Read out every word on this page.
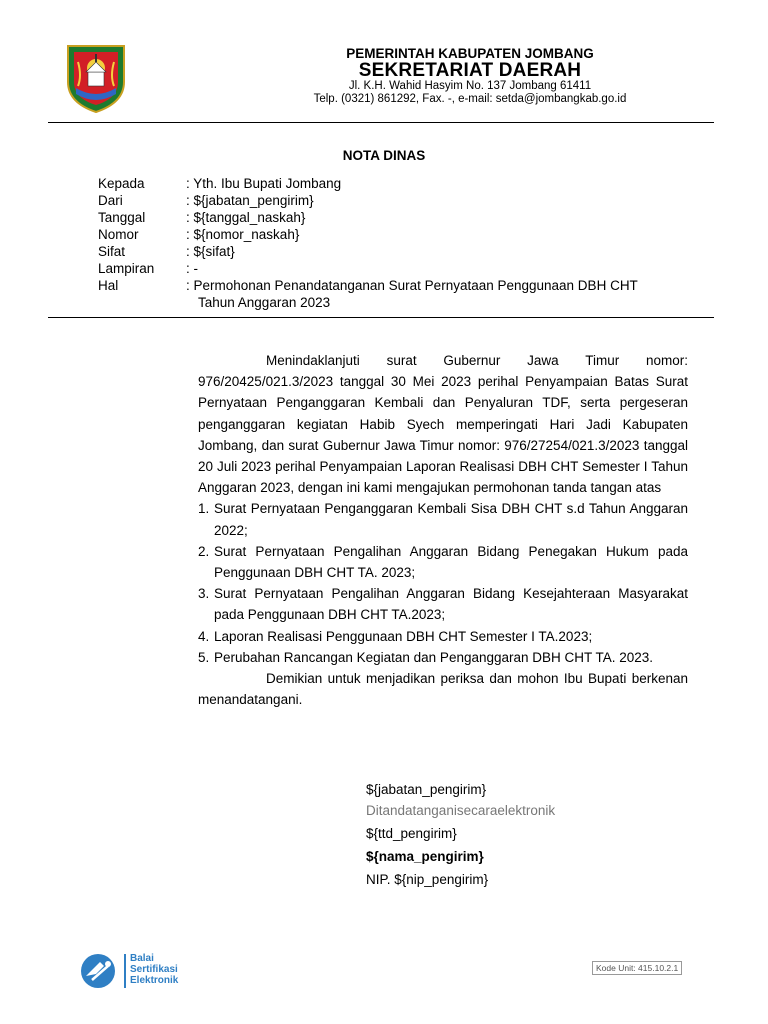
PEMERINTAH KABUPATEN JOMBANG
SEKRETARIAT DAERAH
Jl. K.H. Wahid Hasyim No. 137 Jombang 61411
Telp. (0321) 861292, Fax. -, e-mail: setda@jombangkab.go.id
NOTA DINAS
Kepada	: Yth. Ibu Bupati Jombang
Dari	: ${jabatan_pengirim}
Tanggal	: ${tanggal_naskah}
Nomor	: ${nomor_naskah}
Sifat	: ${sifat}
Lampiran : -
Hal	: Permohonan Penandatanganan Surat Pernyataan Penggunaan DBH CHT
Tahun Anggaran 2023

Menindaklanjuti surat Gubernur Jawa Timur nomor: 976/20425/021.3/2023 tanggal 30 Mei 2023 perihal Penyampaian Batas Surat Pernyataan Penganggaran Kembali dan Penyaluran TDF, serta pergeseran penganggaran kegiatan Habib Syech memperingati Hari Jadi Kabupaten Jombang, dan surat Gubernur Jawa Timur nomor: 976/27254/021.3/2023 tanggal 20 Juli 2023 perihal Penyampaian Laporan Realisasi DBH CHT Semester I Tahun Anggaran 2023, dengan ini kami mengajukan permohonan tanda tangan atas

1. Surat Pernyataan Penganggaran Kembali Sisa DBH CHT s.d Tahun Anggaran 2022;
2. Surat Pernyataan Pengalihan Anggaran Bidang Penegakan Hukum pada Penggunaan DBH CHT TA. 2023;
3. Surat Pernyataan Pengalihan Anggaran Bidang Kesejahteraan Masyarakat pada Penggunaan DBH CHT TA.2023;
4. Laporan Realisasi Penggunaan DBH CHT Semester I TA.2023;
5. Perubahan Rancangan Kegiatan dan Penganggaran DBH CHT TA. 2023.

Demikian untuk menjadikan periksa dan mohon Ibu Bupati berkenan menandatangani.

${jabatan_pengirim}
Ditandatanganisecaraelektronik
${ttd_pengirim}
${nama_pengirim}
NIP. ${nip_pengirim}
Balai
Sertifikasi
Elektronik
Kode Unit: 415.10.2.1
